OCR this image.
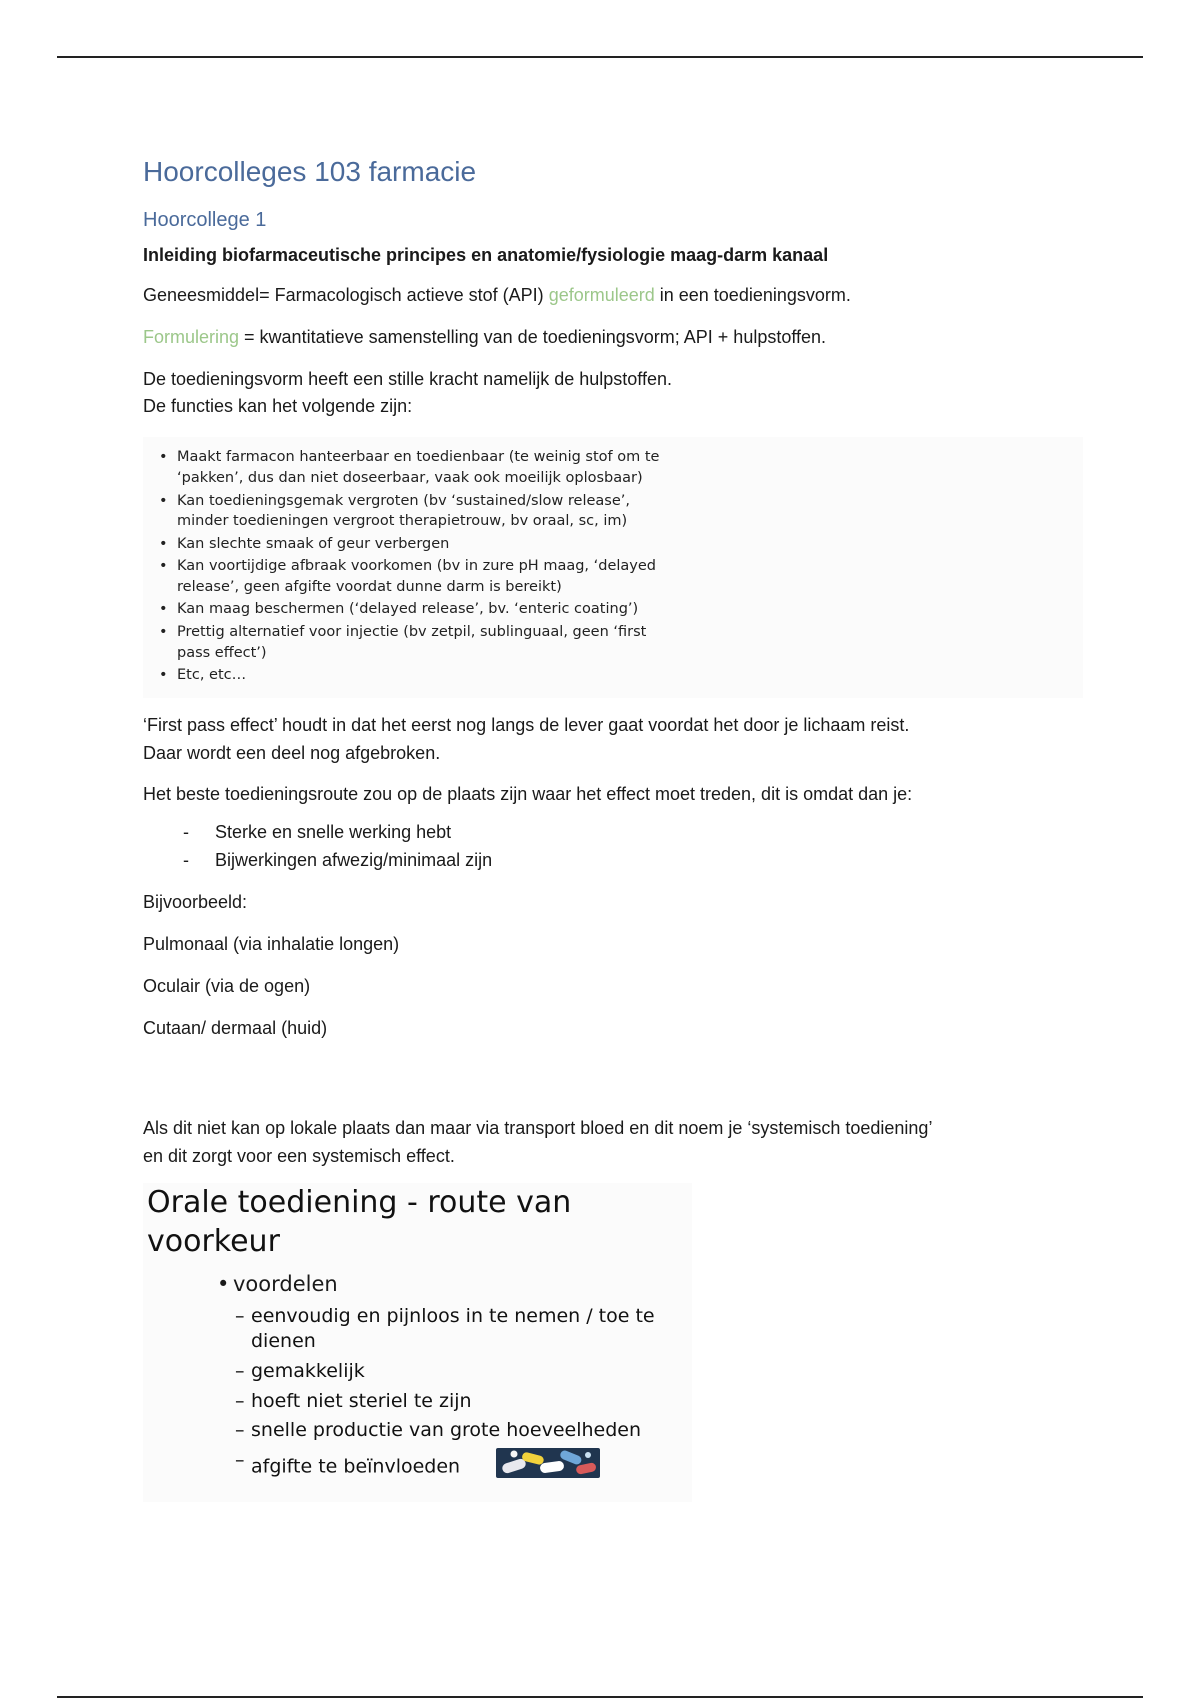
Hoorcolleges 103 farmacie
Hoorcollege 1

Inleiding biofarmaceutische principes en anatomie/fysiologie maag-darm kanaal

Geneesmiddel= Farmacologisch actieve stof (API) geformuleerd in een toedieningsvorm.

Formulering = kwantitatieve samenstelling van de toedieningsvorm; API + hulpstoffen.

De toedieningsvorm heeft een stille kracht namelijk de hulpstoffen.

De functies kan het volgende zijn:

• Maakt farmacon hanteerbaar en toedienbaar (te weinig stof om te ‘pakken’, dus dan niet doseerbaar, vaak ook moeilijk oplosbaar)
• Kan toedieningsgemak vergroten (bv ‘sustained/slow release’, minder toedieningen vergroot therapietrouw, bv oraal, sc, im)
• Kan slechte smaak of geur verbergen
• Kan voortijdige afbraak voorkomen (bv in zure pH maag, ‘delayed release’, geen afgifte voordat dunne darm is bereikt)
• Kan maag beschermen (‘delayed release’, bv. ‘enteric coating’)
• Prettig alternatief voor injectie (bv zetpil, sublinguaal, geen ‘first pass effect’)
• Etc, etc…

‘First pass effect’ houdt in dat het eerst nog langs de lever gaat voordat het door je lichaam reist.

Daar wordt een deel nog afgebroken.

Het beste toedieningsroute zou op de plaats zijn waar het effect moet treden, dit is omdat dan je:

- Sterke en snelle werking hebt
- Bijwerkingen afwezig/minimaal zijn

Bijvoorbeeld:

Pulmonaal (via inhalatie longen)

Oculair (via de ogen)

Cutaan/ dermaal (huid)

Als dit niet kan op lokale plaats dan maar via transport bloed en dit noem je ‘systemisch toediening’

en dit zorgt voor een systemisch effect.

Orale toediening - route van voorkeur
• voordelen
– eenvoudig en pijnloos in te nemen / toe te dienen
– gemakkelijk
– hoeft niet steriel te zijn
– snelle productie van grote hoeveelheden
– afgifte te beïnvloeden
